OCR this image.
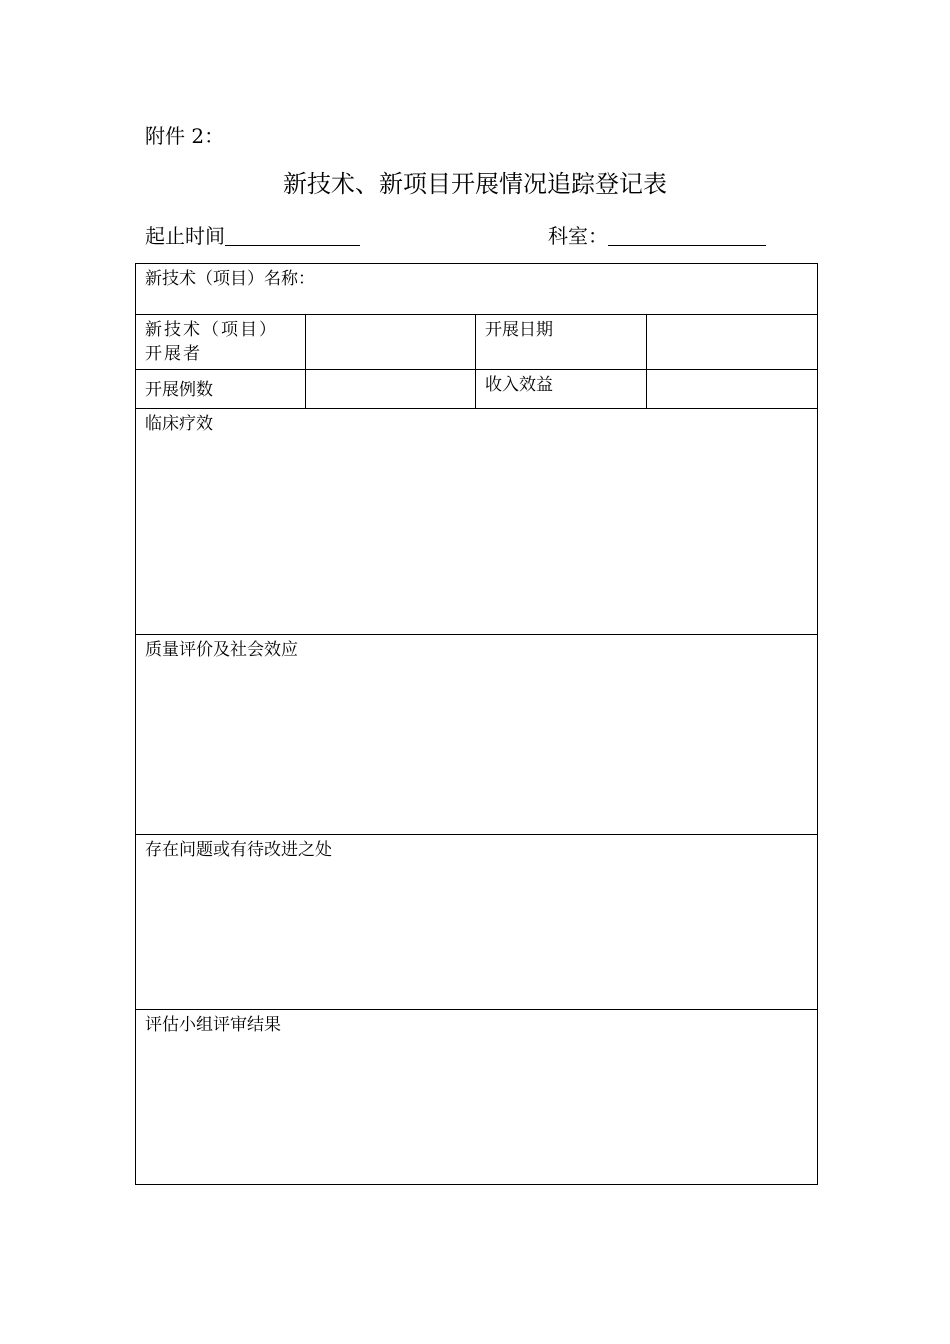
附件 2：
新技术、新项目开展情况追踪登记表
起止时间	科室：
新技术（项目）名称：			
新技术（项目）开展者		开展日期	
开展例数		收入效益	
临床疗效			
质量评价及社会效应			
存在问题或有待改进之处			
评估小组评审结果			
